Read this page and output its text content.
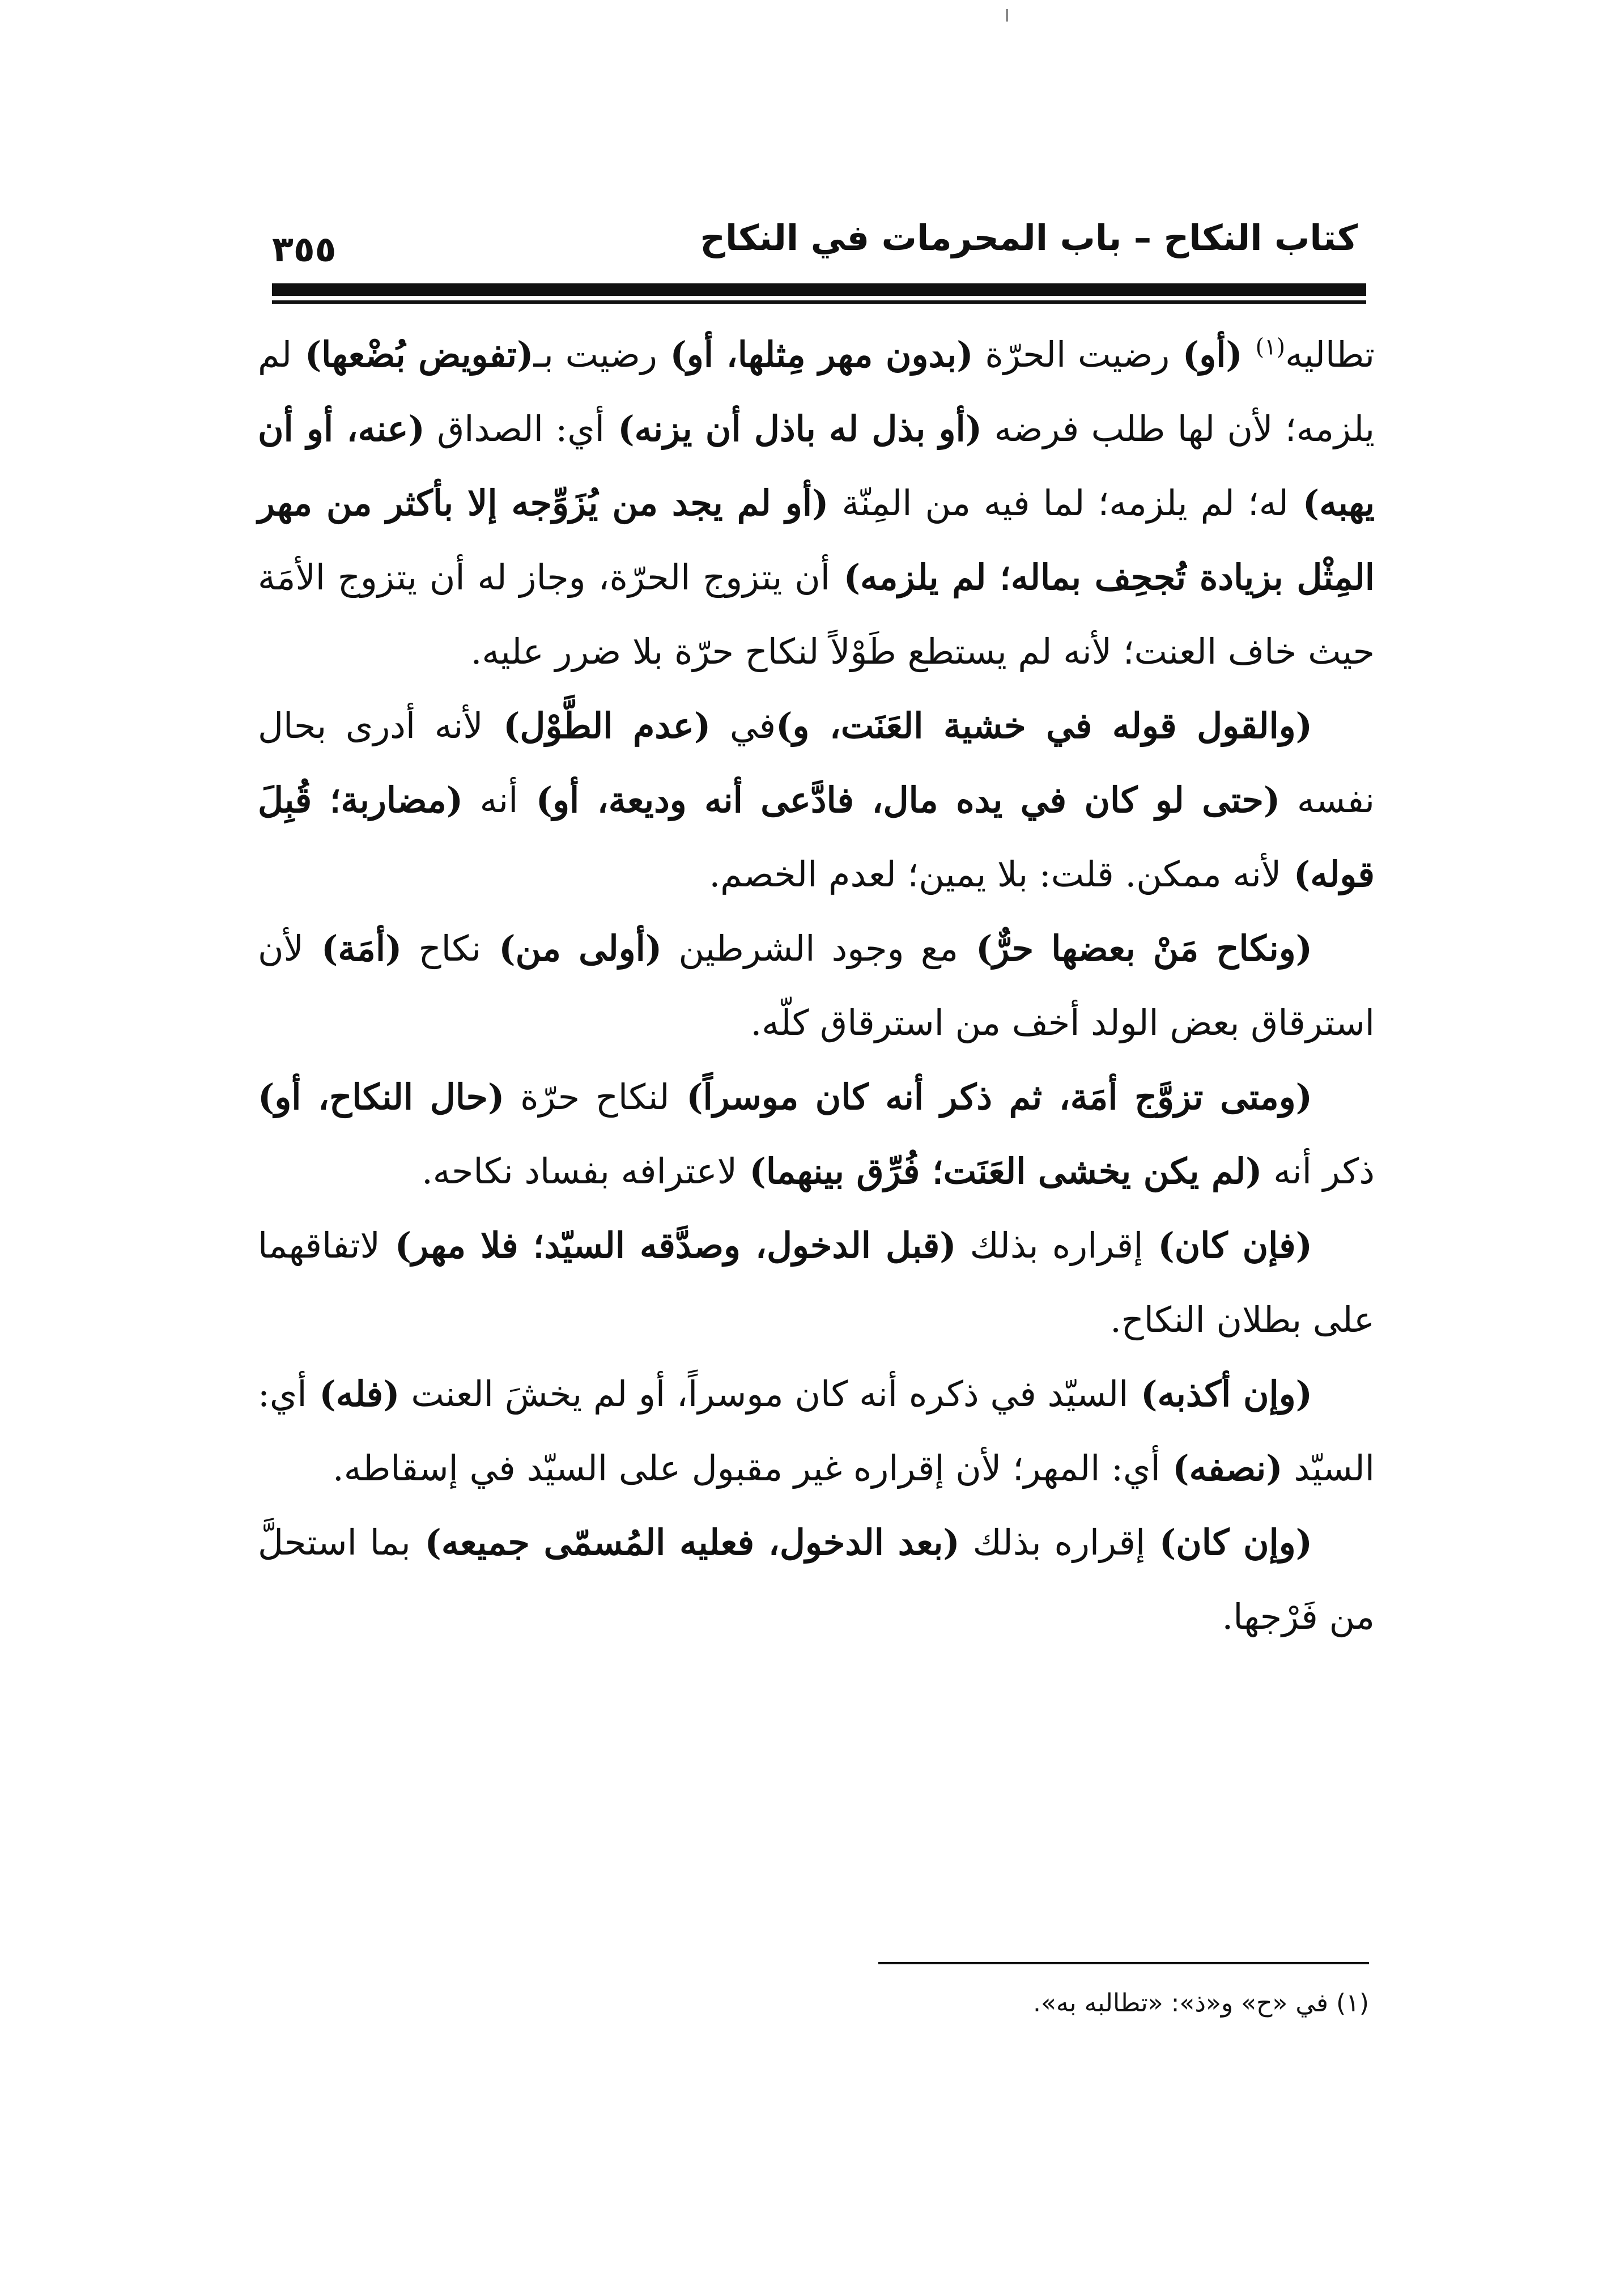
كتاب النكاح – باب المحرمات في النكاح
٣٥٥

تطاليه$^{(١)}$ (أو) رضيت الحرّة (بدون مهر مِثلها، أو) رضيت بـ(تفويض بُضْعها) لم يلزمه؛ لأن لها طلب فرضه (أو بذل له باذل أن يزنه) أي: الصداق (عنه، أو أن يهبه) له؛ لم يلزمه؛ لما فيه من المِنّة (أو لم يجد من يُزَوِّجه إلا بأكثر من مهر المِثْل بزيادة تُجحِف بماله؛ لم يلزمه) أن يتزوج الحرّة، وجاز له أن يتزوج الأمَة حيث خاف العنت؛ لأنه لم يستطع طَوْلاً لنكاح حرّة بلا ضرر عليه.

(والقول قوله في خشية العَنَت، و)في (عدم الطَّوْل) لأنه أدرى بحال نفسه (حتى لو كان في يده مال، فادَّعى أنه وديعة، أو) أنه (مضاربة؛ قُبِلَ قوله) لأنه ممكن. قلت: بلا يمين؛ لعدم الخصم.

(ونكاح مَنْ بعضها حرٌّ) مع وجود الشرطين (أولى من) نكاح (أمَة) لأن استرقاق بعض الولد أخف من استرقاق كلّه.

(ومتى تزوَّج أمَة، ثم ذكر أنه كان موسراً) لنكاح حرّة (حال النكاح، أو) ذكر أنه (لم يكن يخشى العَنَت؛ فُرِّق بينهما) لاعترافه بفساد نكاحه.

(فإن كان) إقراره بذلك (قبل الدخول، وصدَّقه السيّد؛ فلا مهر) لاتفاقهما على بطلان النكاح.

(وإن أكذبه) السيّد في ذكره أنه كان موسراً، أو لم يخشَ العنت (فله) أي: السيّد (نصفه) أي: المهر؛ لأن إقراره غير مقبول على السيّد في إسقاطه.

(وإن كان) إقراره بذلك (بعد الدخول، فعليه المُسمّى جميعه) بما استحلَّ من فَرْجها.

(١) في «ح» و«ذ»: «تطالبه به».
